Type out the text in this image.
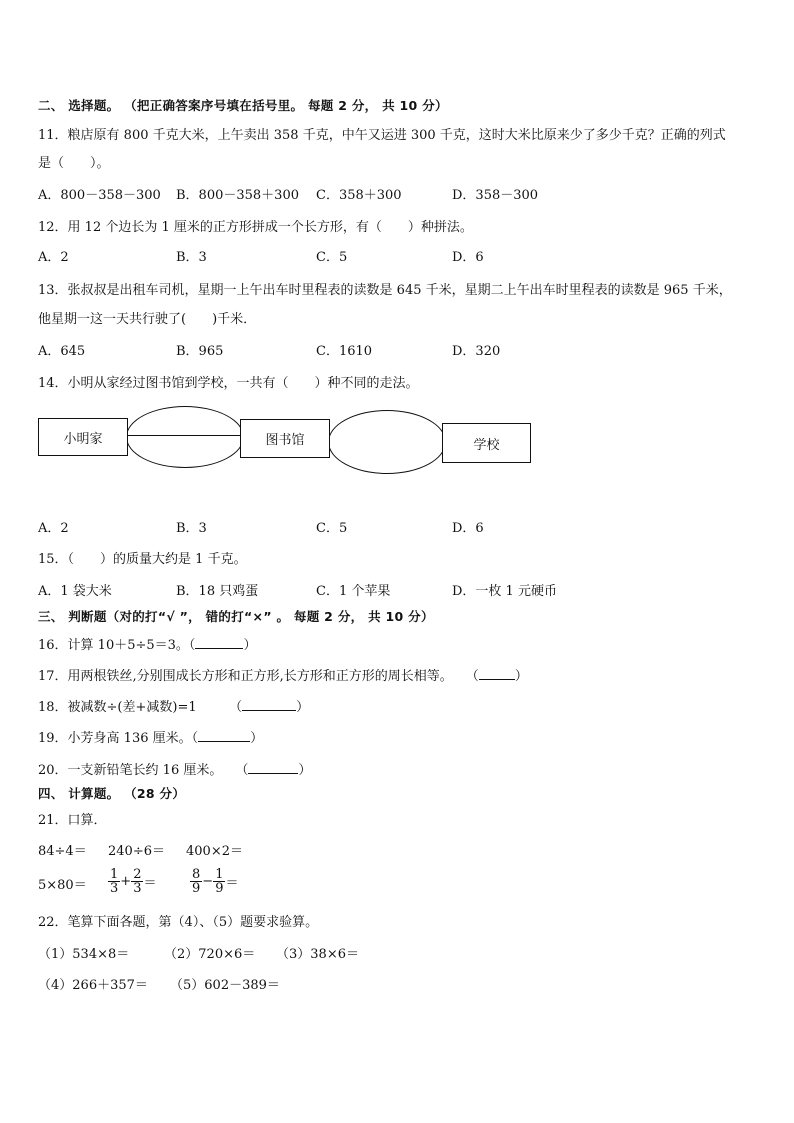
二、 选择题。 （把正确答案序号填在括号里。 每题 2 分， 共 10 分）
11．粮店原有 800 千克大米，上午卖出 358 千克，中午又运进 300 千克，这时大米比原来少了多少千克？正确的列式
是（　　）。
A．800－358－300 B．800－358＋300 C．358＋300	D．358－300
12．用 12 个边长为 1 厘米的正方形拼成一个长方形，有（　　）种拼法。
A．2	B．3	C．5	D．6
13．张叔叔是出租车司机，星期一上午出车时里程表的读数是 645 千米，星期二上午出车时里程表的读数是 965 千米，
他星期一这一天共行驶了(　　)千米．
A．645	B．965	C．1610	D．320
14．小明从家经过图书馆到学校，一共有（　　）种不同的走法。
小明家	图书馆	学校
A．2	B．3	C．5	D．6
15．（　　）的质量大约是 1 千克。
A．1 袋大米	B．18 只鸡蛋	C．1 个苹果	D．一枚 1 元硬币
三、 判断题（对的打“√ ”， 错的打“×” 。 每题 2 分， 共 10 分）
16．计算 10＋5÷5＝3。（	）
17．用两根铁丝,分别围成长方形和正方形,长方形和正方形的周长相等。　　（	）
18．被减数÷(差+减数)=1　　　（	）
19．小芳身高 136 厘米。（	）
20．一支新铅笔长约 16 厘米。　　（	）
四、 计算题。 （28 分）
21．口算．
84÷4＝ 240÷6＝ 400×2＝
$5\times 80= \frac{1}{3} + \frac{2}{3}$ ＝	$\frac{8}{9} - \frac{1}{9}$ ＝
22．笔算下面各题，第（4）、（5）题要求验算。
（1）534×8＝	（2）720×6＝ （3）38×6＝
（4）266＋357＝ （5）602－389＝
